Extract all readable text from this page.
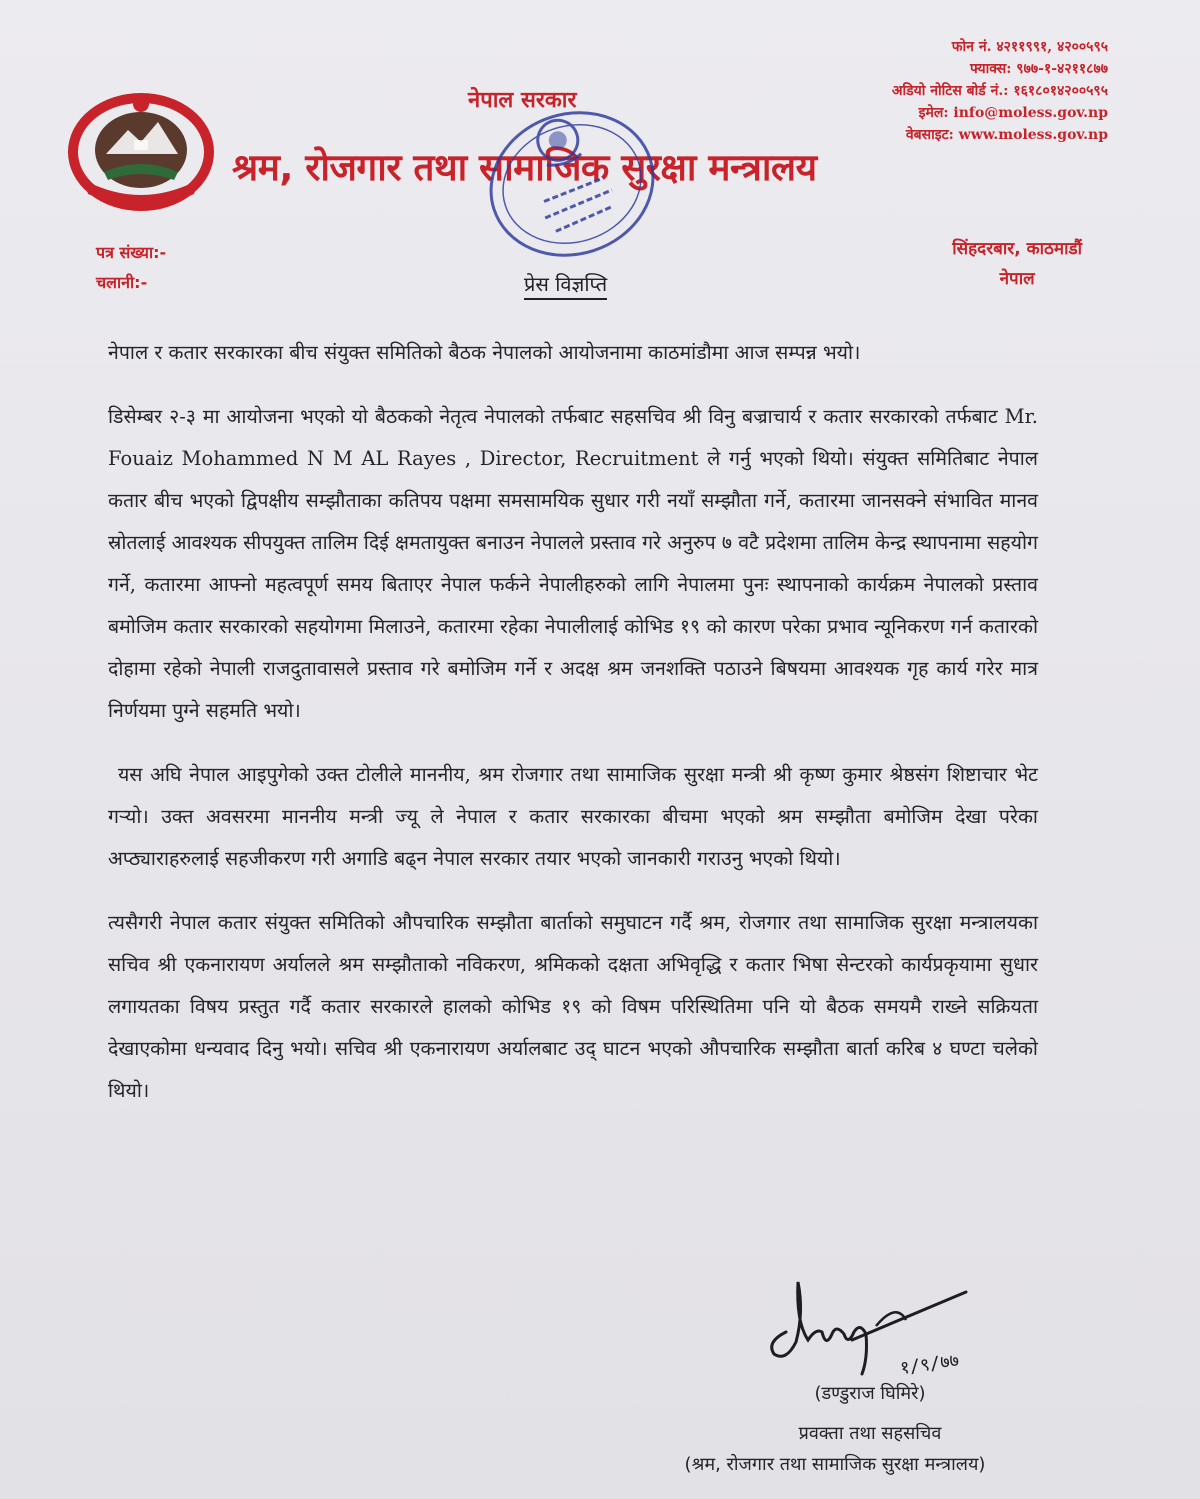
नेपाल सरकार
श्रम, रोजगार तथा सामाजिक सुरक्षा मन्त्रालय
फोन नं. ४२११९९१, ४२००५९५
फ्याक्स: ९७७-१-४२११८७७
अडियो नोटिस बोर्ड नं.: १६१८०१४२००५९५
इमेल: info@moless.gov.np
वेबसाइट: www.moless.gov.np
पत्र संख्या:-
चलानी:-
सिंहदरबार, काठमाडौं
नेपाल
प्रेस विज्ञप्ति

नेपाल र कतार सरकारका बीच संयुक्त समितिको बैठक नेपालको आयोजनामा काठमांडौमा आज सम्पन्न भयो।

डिसेम्बर २-३ मा आयोजना भएको यो बैठकको नेतृत्व नेपालको तर्फबाट सहसचिव श्री विनु बज्राचार्य र कतार सरकारको तर्फबाट Mr. Fouaiz Mohammed N M AL Rayes , Director, Recruitment ले गर्नु भएको थियो। संयुक्त समितिबाट नेपाल कतार बीच भएको द्विपक्षीय सम्झौताका कतिपय पक्षमा समसामयिक सुधार गरी नयाँ सम्झौता गर्ने, कतारमा जानसक्ने संभावित मानव स्रोतलाई आवश्यक सीपयुक्त तालिम दिई क्षमतायुक्त बनाउन नेपालले प्रस्ताव गरे अनुरुप ७ वटै प्रदेशमा तालिम केन्द्र स्थापनामा सहयोग गर्ने, कतारमा आफ्नो महत्वपूर्ण समय बिताएर नेपाल फर्कने नेपालीहरुको लागि नेपालमा पुनः स्थापनाको कार्यक्रम नेपालको प्रस्ताव बमोजिम कतार सरकारको सहयोगमा मिलाउने, कतारमा रहेका नेपालीलाई कोभिड १९ को कारण परेका प्रभाव न्यूनिकरण गर्न कतारको दोहामा रहेको नेपाली राजदुतावासले प्रस्ताव गरे बमोजिम गर्ने र अदक्ष श्रम जनशक्ति पठाउने बिषयमा आवश्यक गृह कार्य गरेर मात्र निर्णयमा पुग्ने सहमति भयो।

यस अघि नेपाल आइपुगेको उक्त टोलीले माननीय, श्रम रोजगार तथा सामाजिक सुरक्षा मन्त्री श्री कृष्ण कुमार श्रेष्ठसंग शिष्टाचार भेट गर्‍यो। उक्त अवसरमा माननीय मन्त्री ज्यू ले नेपाल र कतार सरकारका बीचमा भएको श्रम सम्झौता बमोजिम देखा परेका अप्ठ्याराहरुलाई सहजीकरण गरी अगाडि बढ्न नेपाल सरकार तयार भएको जानकारी गराउनु भएको थियो।

त्यसैगरी नेपाल कतार संयुक्त समितिको औपचारिक सम्झौता बार्ताको समुघाटन गर्दै श्रम, रोजगार तथा सामाजिक सुरक्षा मन्त्रालयका सचिव श्री एकनारायण अर्यालले श्रम सम्झौताको नविकरण, श्रमिकको दक्षता अभिवृद्धि र कतार भिषा सेन्टरको कार्यप्रकृयामा सुधार लगायतका विषय प्रस्तुत गर्दै कतार सरकारले हालको कोभिड १९ को विषम परिस्थितिमा पनि यो बैठक समयमै राख्ने सक्रियता देखाएकोमा धन्यवाद दिनु भयो। सचिव श्री एकनारायण अर्यालबाट उद् घाटन भएको औपचारिक सम्झौता बार्ता करिब ४ घण्टा चलेको थियो।

१/९/७७
(डण्डुराज घिमिरे)
प्रवक्ता तथा सहसचिव
(श्रम, रोजगार तथा सामाजिक सुरक्षा मन्त्रालय)
